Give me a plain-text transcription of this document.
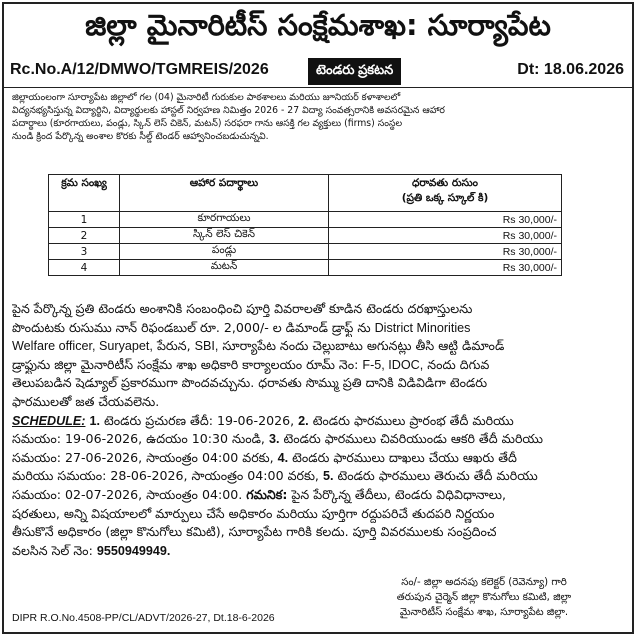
జిల్లా మైనారిటీస్ సంక్షేమశాఖ: సూర్యాపేట
Rc.No.A/12/DMWO/TGMREIS/2026	టెండరు ప్రకటన	Dt: 18.06.2026

జిల్లాయంలంగా సూర్యాపేట జిల్లాలో గల (04) మైనారిటీ గురుకుల పాఠశాలలు మరియు జూనియర్ కళాశాలలో

విద్యనభ్యసిస్తున్న విద్యార్థిని, విద్యార్థులకు హాస్టల్ నిర్వహణ నిమిత్తం 2026 - 27 విద్యా సంవత్సరానికి అవసరమైన ఆహార

పదార్థాలు (కూరగాయలు, పండ్లు, స్కిన్ లెస్ చికెన్, మటన్) సరఫరా గాను ఆసక్తి గల వ్యక్తులు (firms) సంస్థల

నుండి క్రింద పేర్కొన్న అంశాల కొరకు సీల్డ్ టెండర్ ఆహ్వానించబడుచున్నవి.

క్రమ సంఖ్య	ఆహార పదార్థాలు	ధరావతు రుసుం
(ప్రతి ఒక్క స్కూల్ కి)

1	కూరగాయలు	Rs 30,000/-
2	స్కిన్ లెస్ చికెన్	Rs 30,000/-
3	పండ్లు	Rs 30,000/-
4	మటన్	Rs 30,000/-

పైన పేర్కొన్న ప్రతి టెండరు అంశానికి సంబంధించి పూర్తి వివరాలతో కూడిన టెండరు దరఖాస్తులను

పొందుటకు రుసుము నాన్ రిఫండబుల్ రూ. 2,000/- ల డిమాండ్ డ్రాఫ్ట్ ను District Minorities

Welfare officer, Suryapet, పేరున, SBI, సూర్యాపేట నందు చెల్లుబాటు అగునట్లు తీసి ఆట్టి డిమాండ్

డ్రాఫ్టును జిల్లా మైనారిటీస్ సంక్షేమ శాఖ అధికారి కార్యాలయం రూమ్ నెం: F-5, IDOC, నందు దిగువ

తెలుపబడిన షెడ్యూల్ ప్రకారముగా పొందవచ్చును. ధరావతు సొమ్ము ప్రతి దానికి విడివిడిగా టెండరు

ఫారములతో జత చేయవలెను.

SCHEDULE: 1. టెండరు ప్రచురణ తేదీ: 19-06-2026, 2. టెండరు ఫారములు ప్రారంభ తేదీ మరియు

సమయం: 19-06-2026, ఉదయం 10:30 నుండి, 3. టెండరు ఫారములు చివరియుండు ఆకరి తేదీ మరియు

సమయం: 27-06-2026, సాయంత్రం 04:00 వరకు, 4. టెండరు ఫారములు దాఖలు చేయు ఆఖరు తేదీ

మరియు సమయం: 28-06-2026, సాయంత్రం 04:00 వరకు, 5. టెండరు ఫారములు తెరుచు తేదీ మరియు

సమయం: 02-07-2026, సాయంత్రం 04:00. గమనిక: పైన పేర్కొన్న తేదీలు, టెండరు విధివిధానాలు,

షరతులు, అన్ని విషయాలలో మార్పులు చేసే అధికారం మరియు పూర్తిగా రద్దుపరిచే తుదపరి నిర్ణయం

తీసుకొనే అధికారం (జిల్లా కొనుగోలు కమిటి), సూర్యాపేట గారికి కలదు. పూర్తి వివరములకు సంప్రదించ

వలసిన సెల్ నెం: 9550949949.

సం/- జిల్లా అదనపు కలెక్టర్ (రెవెన్యూ) గారి

తరుపున చైర్మెన్ జిల్లా కొనుగోలు కమిటి, జిల్లా

మైనారిటీస్ సంక్షేమ శాఖ, సూర్యాపేట జిల్లా.

DIPR R.O.No.4508-PP/CL/ADVT/2026-27, Dt.18-6-2026
